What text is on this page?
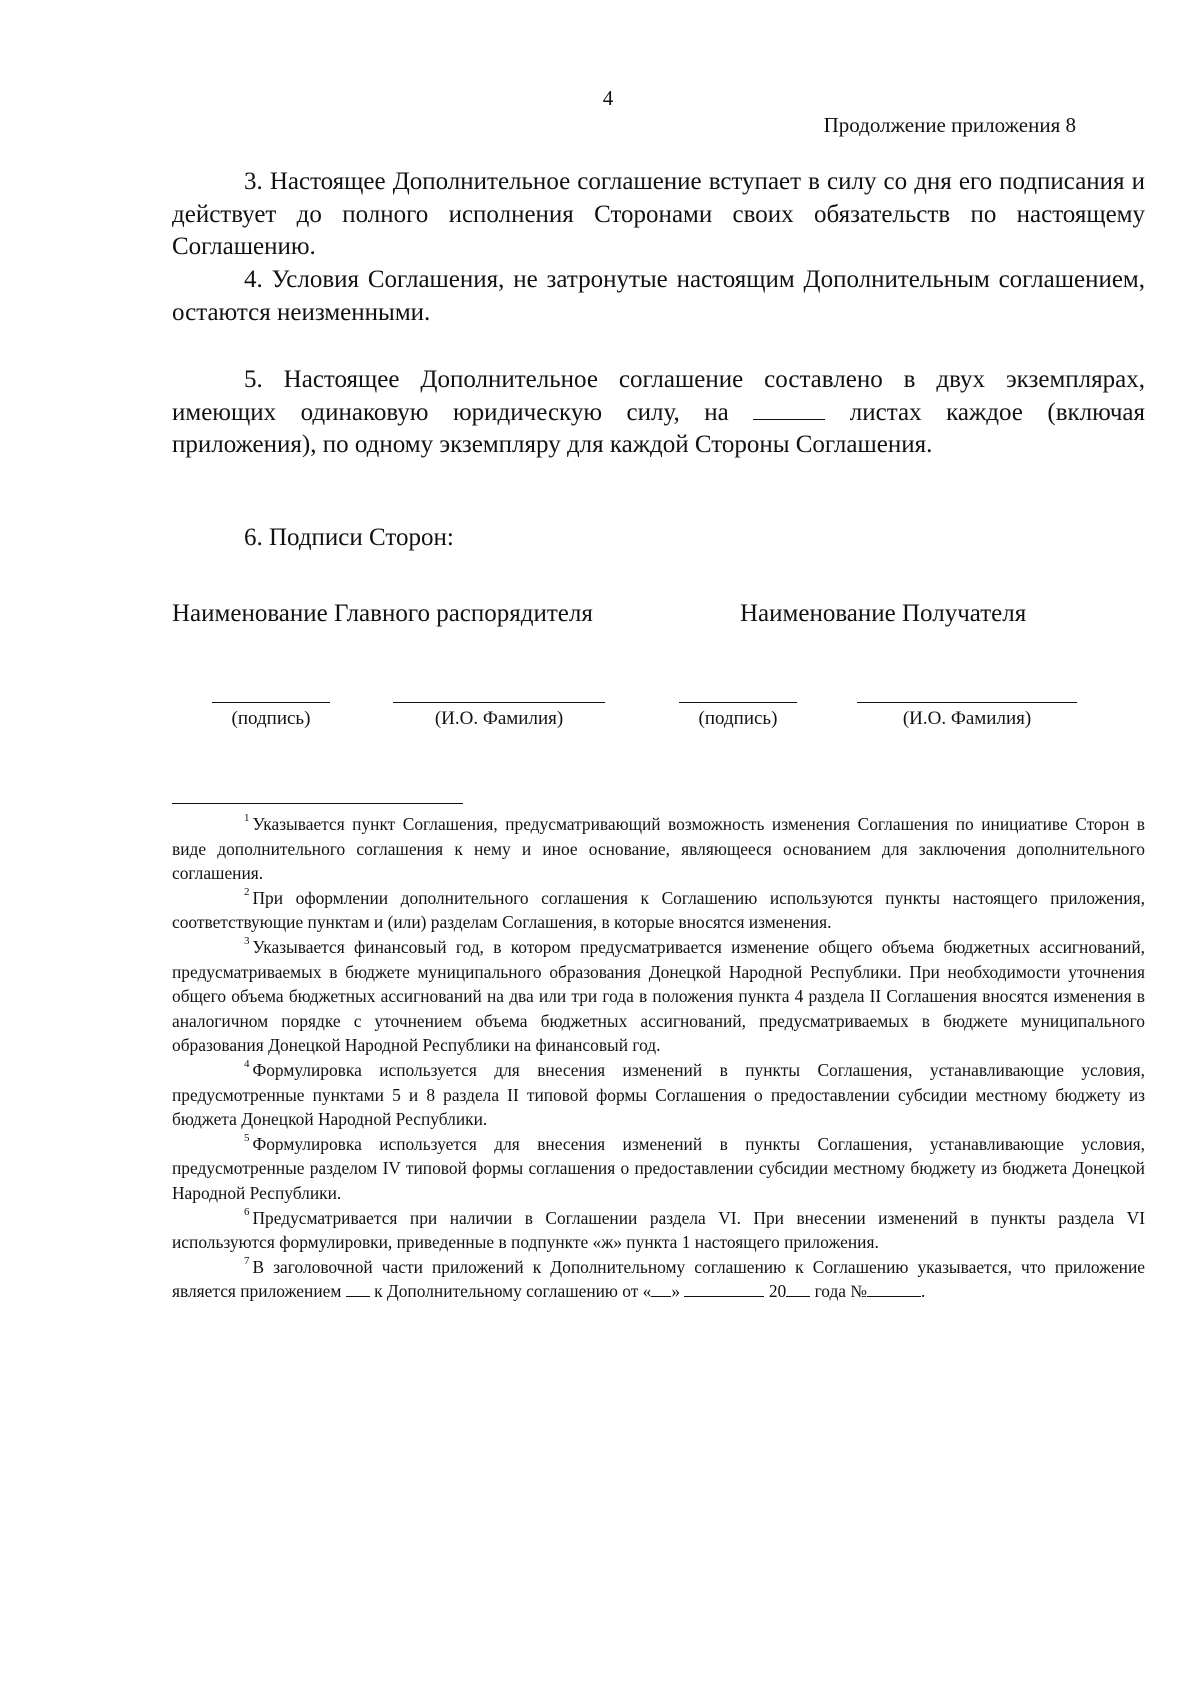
4
Продолжение приложения 8

3. Настоящее Дополнительное соглашение вступает в силу со дня его подписания и действует до полного исполнения Сторонами своих обязательств по настоящему Соглашению.

4. Условия Соглашения, не затронутые настоящим Дополнительным соглашением, остаются неизменными.

5. Настоящее Дополнительное соглашение составлено в двух экземплярах, имеющих одинаковую юридическую силу, на	листах каждое (включая приложения), по одному экземпляру для каждой Стороны Соглашения.

6. Подписи Сторон:

Наименование Главного распорядителя	Наименование Получателя
(подпись)	(И.О. Фамилия)	(подпись)	(И.О. Фамилия)

$^1$ Указывается пункт Соглашения, предусматривающий возможность изменения Соглашения по инициативе Сторон в виде дополнительного соглашения к нему и иное основание, являющееся основанием для заключения дополнительного соглашения.

$^2$ При оформлении дополнительного соглашения к Соглашению используются пункты настоящего приложения, соответствующие пунктам и (или) разделам Соглашения, в которые вносятся изменения.

$^3$ Указывается финансовый год, в котором предусматривается изменение общего объема бюджетных ассигнований, предусматриваемых в бюджете муниципального образования Донецкой Народной Республики. При необходимости уточнения общего объема бюджетных ассигнований на два или три года в положения пункта 4 раздела II Соглашения вносятся изменения в аналогичном порядке с уточнением объема бюджетных ассигнований, предусматриваемых в бюджете муниципального образования Донецкой Народной Республики на финансовый год.

$^4$ Формулировка используется для внесения изменений в пункты Соглашения, устанавливающие условия, предусмотренные пунктами 5 и 8 раздела II типовой формы Соглашения о предоставлении субсидии местному бюджету из бюджета Донецкой Народной Республики.

$^5$ Формулировка используется для внесения изменений в пункты Соглашения, устанавливающие условия, предусмотренные разделом IV типовой формы соглашения о предоставлении субсидии местному бюджету из бюджета Донецкой Народной Республики.

$^6$ Предусматривается при наличии в Соглашении раздела VI. При внесении изменений в пункты раздела VI используются формулировки, приведенные в подпункте «ж» пункта 1 настоящего приложения.

$^7$ В заголовочной части приложений к Дополнительному соглашению к Соглашению указывается, что приложение является приложением к Дополнительному соглашению от « »	20 года №	.
